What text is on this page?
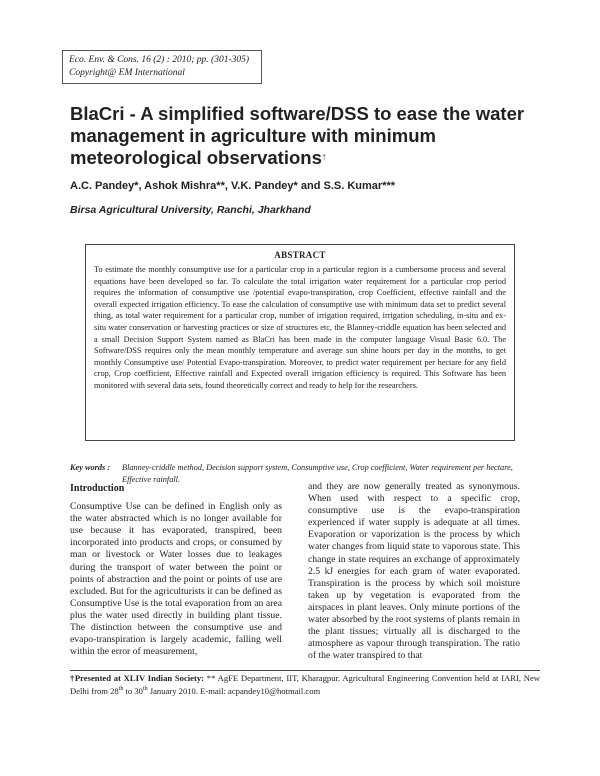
Eco. Env. & Cons. 16 (2) : 2010; pp. (301-305)
Copyright@ EM International
BlaCri - A simplified software/DSS to ease the water management in agriculture with minimum meteorological observations†
A.C. Pandey*, Ashok Mishra**, V.K. Pandey* and S.S. Kumar***
Birsa Agricultural University, Ranchi, Jharkhand
ABSTRACT

To estimate the monthly consumptive use for a particular crop in a particular region is a cumbersome process and several equations have been developed so far. To calculate the total irrigation water requirement for a particular crop period requires the information of consumptive use /potential evapo-transpiration, crop Coefficient, effective rainfall and the overall expected irrigation efficiency. To ease the calculation of consumptive use with minimum data set to predict several thing, as total water requirement for a particular crop, number of irrigation required, irrigation scheduling, in-situ and ex-situ water conservation or harvesting practices or size of structures etc, the Blanney-criddle equation has been selected and a small Decision Support System named as BlaCri has been made in the computer language Visual Basic 6.0. The Software/DSS requires only the mean monthly temperature and average sun shine hours per day in the months, to get monthly Consumptive use/ Potential Evapo-transpiration. Moreover, to predict water requirement per hectare for any field crop, Crop coefficient, Effective rainfall and Expected overall irrigation efficiency is required. This Software has been monitored with several data sets, found theoretically correct and ready to help for the researchers.

Key words : Blanney-criddle method, Decision support system, Consumptive use, Crop coefficient, Water requirement per hectare, Effective rainfall.
Introduction

Consumptive Use can be defined in English only as the water abstracted which is no longer available for use because it has evaporated, transpired, been incorporated into products and crops, or consumed by man or livestock or Water losses due to leakages during the transport of water between the point or points of abstraction and the point or points of use are excluded. But for the agriculturists it can be defined as Consumptive Use is the total evaporation from an area plus the water used directly in building plant tissue. The distinction between the consumptive use and evapo-transpiration is largely academic, falling well within the error of measurement,

and they are now generally treated as synonymous. When used with respect to a specific crop, consumptive use is the evapo-transpiration experienced if water supply is adequate at all times. Evaporation or vaporization is the process by which water changes from liquid state to vaporous state. This change in state requires an exchange of approximately 2.5 kJ energies for each gram of water evaporated. Transpiration is the process by which soil moisture taken up by vegetation is evaporated from the airspaces in plant leaves. Only minute portions of the water absorbed by the root systems of plants remain in the plant tissues; virtually all is discharged to the atmosphere as vapour through transpiration. The ratio of the water transpired to that

†Presented at XLIV Indian Society: ** AgFE Department, IIT, Kharagpur. Agricultural Engineering Convention held at IARI, New Delhi from 28th to 30th January 2010. E-mail: acpandey10@hotmail.com
